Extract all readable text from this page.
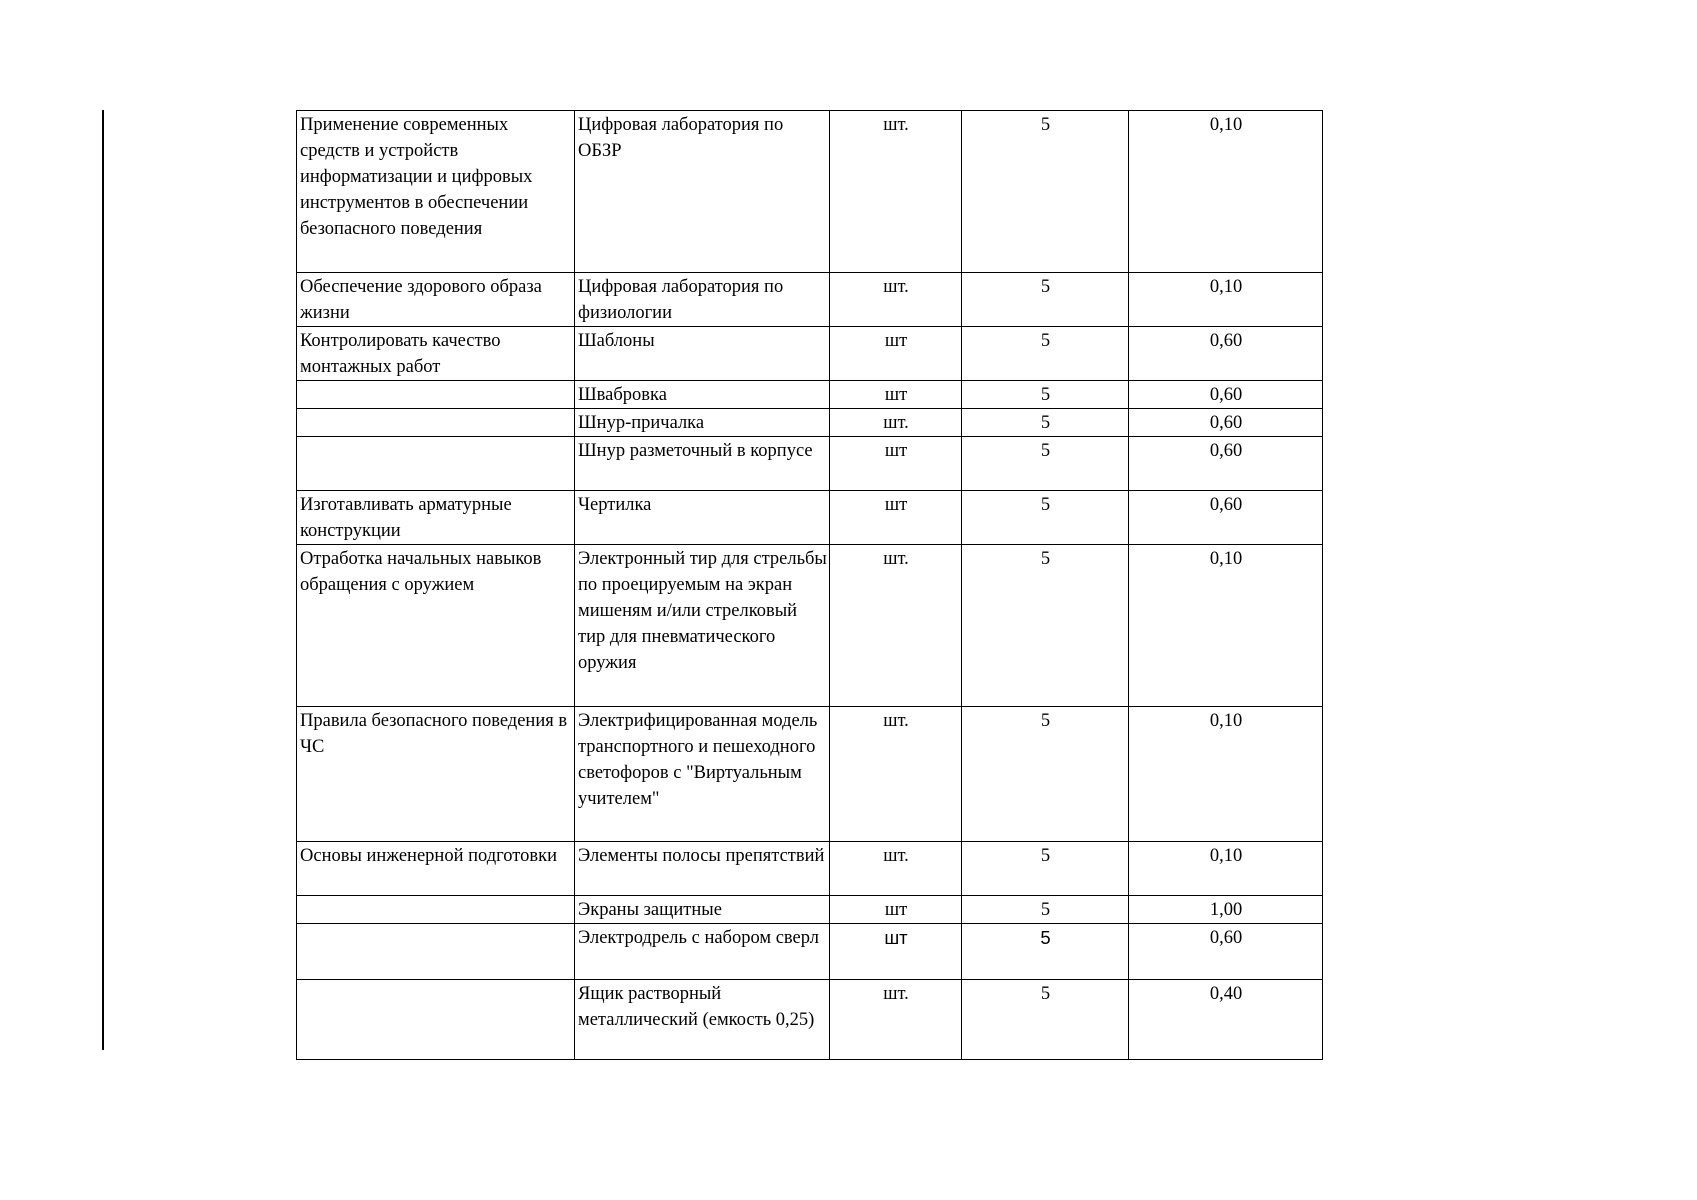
Применение современных средств и устройств информатизации и цифровых инструментов в обеспечении безопасного поведения	Цифровая лаборатория по ОБЗР	шт.	5	0,10
Обеспечение здорового образа жизни	Цифровая лаборатория по физиологии	шт.	5	0,10
Контролировать качество монтажных работ	Шаблоны	шт	5	0,60
	Швабровка	шт	5	0,60
	Шнур-причалка	шт.	5	0,60
	Шнур разметочный в корпусе	шт	5	0,60
Изготавливать арматурные конструкции	Чертилка	шт	5	0,60
Отработка начальных навыков обращения с оружием	Электронный тир для стрельбы по проецируемым на экран мишеням и/или стрелковый тир для пневматического оружия	шт.	5	0,10
Правила безопасного поведения в ЧС	Электрифицированная модель транспортного и пешеходного светофоров с "Виртуальным учителем"	шт.	5	0,10
Основы инженерной подготовки	Элементы полосы препятствий	шт.	5	0,10
	Экраны защитные	шт	5	1,00
	Электродрель с набором сверл	шт	5	0,60
	Ящик растворный металлический (емкость 0,25)	шт.	5	0,40
